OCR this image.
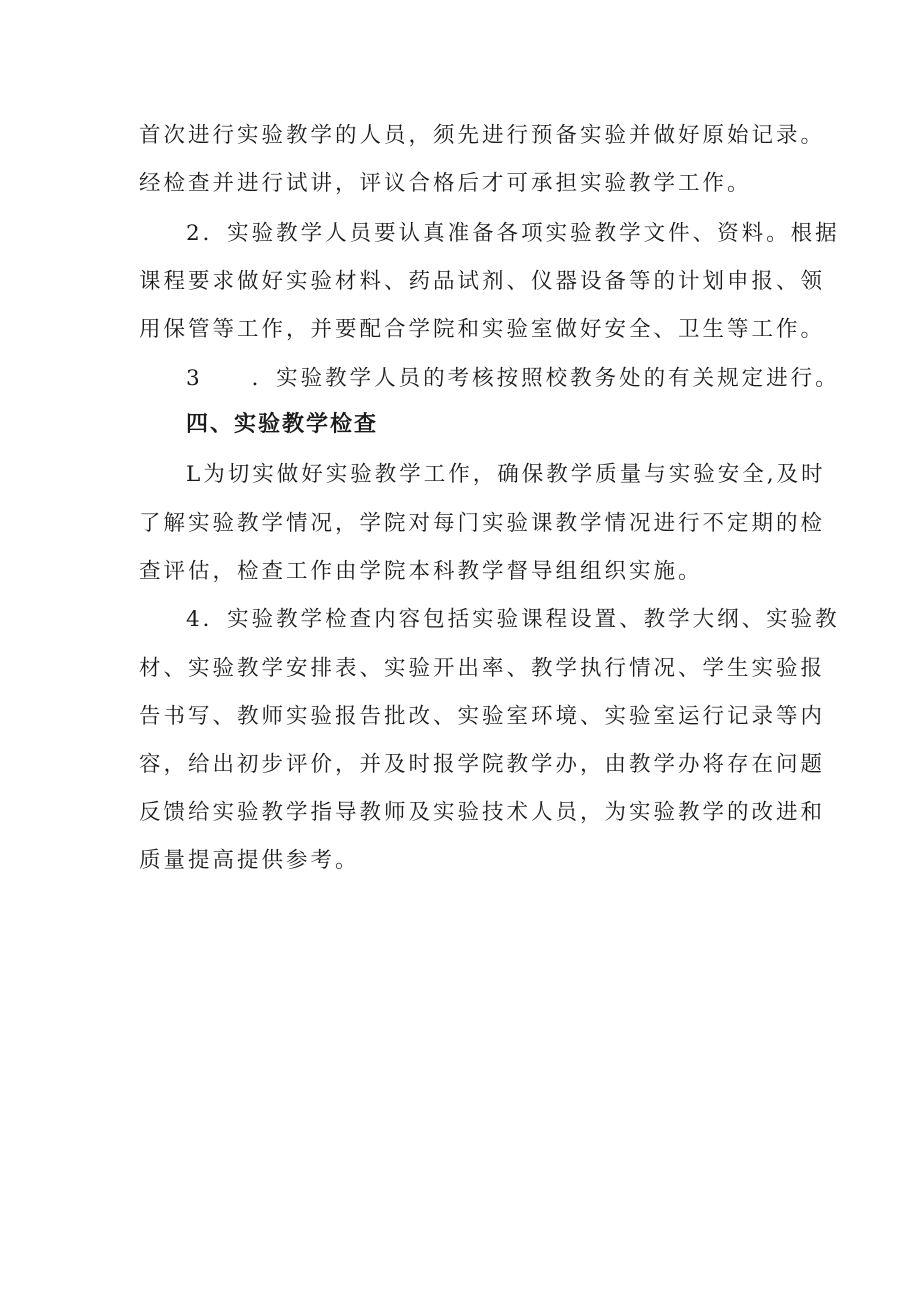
首次进行实验教学的人员，须先进行预备实验并做好原始记录。
经检查并进行试讲，评议合格后才可承担实验教学工作。
2．实验教学人员要认真准备各项实验教学文件、资料。根据
课程要求做好实验材料、药品试剂、仪器设备等的计划申报、领
用保管等工作，并要配合学院和实验室做好安全、卫生等工作。
3　　．实验教学人员的考核按照校教务处的有关规定进行。
四、实验教学检查
L为切实做好实验教学工作，确保教学质量与实验安全,及时
了解实验教学情况，学院对每门实验课教学情况进行不定期的检
查评估，检查工作由学院本科教学督导组组织实施。
4．实验教学检查内容包括实验课程设置、教学大纲、实验教
材、实验教学安排表、实验开出率、教学执行情况、学生实验报
告书写、教师实验报告批改、实验室环境、实验室运行记录等内
容，给出初步评价，并及时报学院教学办，由教学办将存在问题
反馈给实验教学指导教师及实验技术人员，为实验教学的改进和
质量提高提供参考。
